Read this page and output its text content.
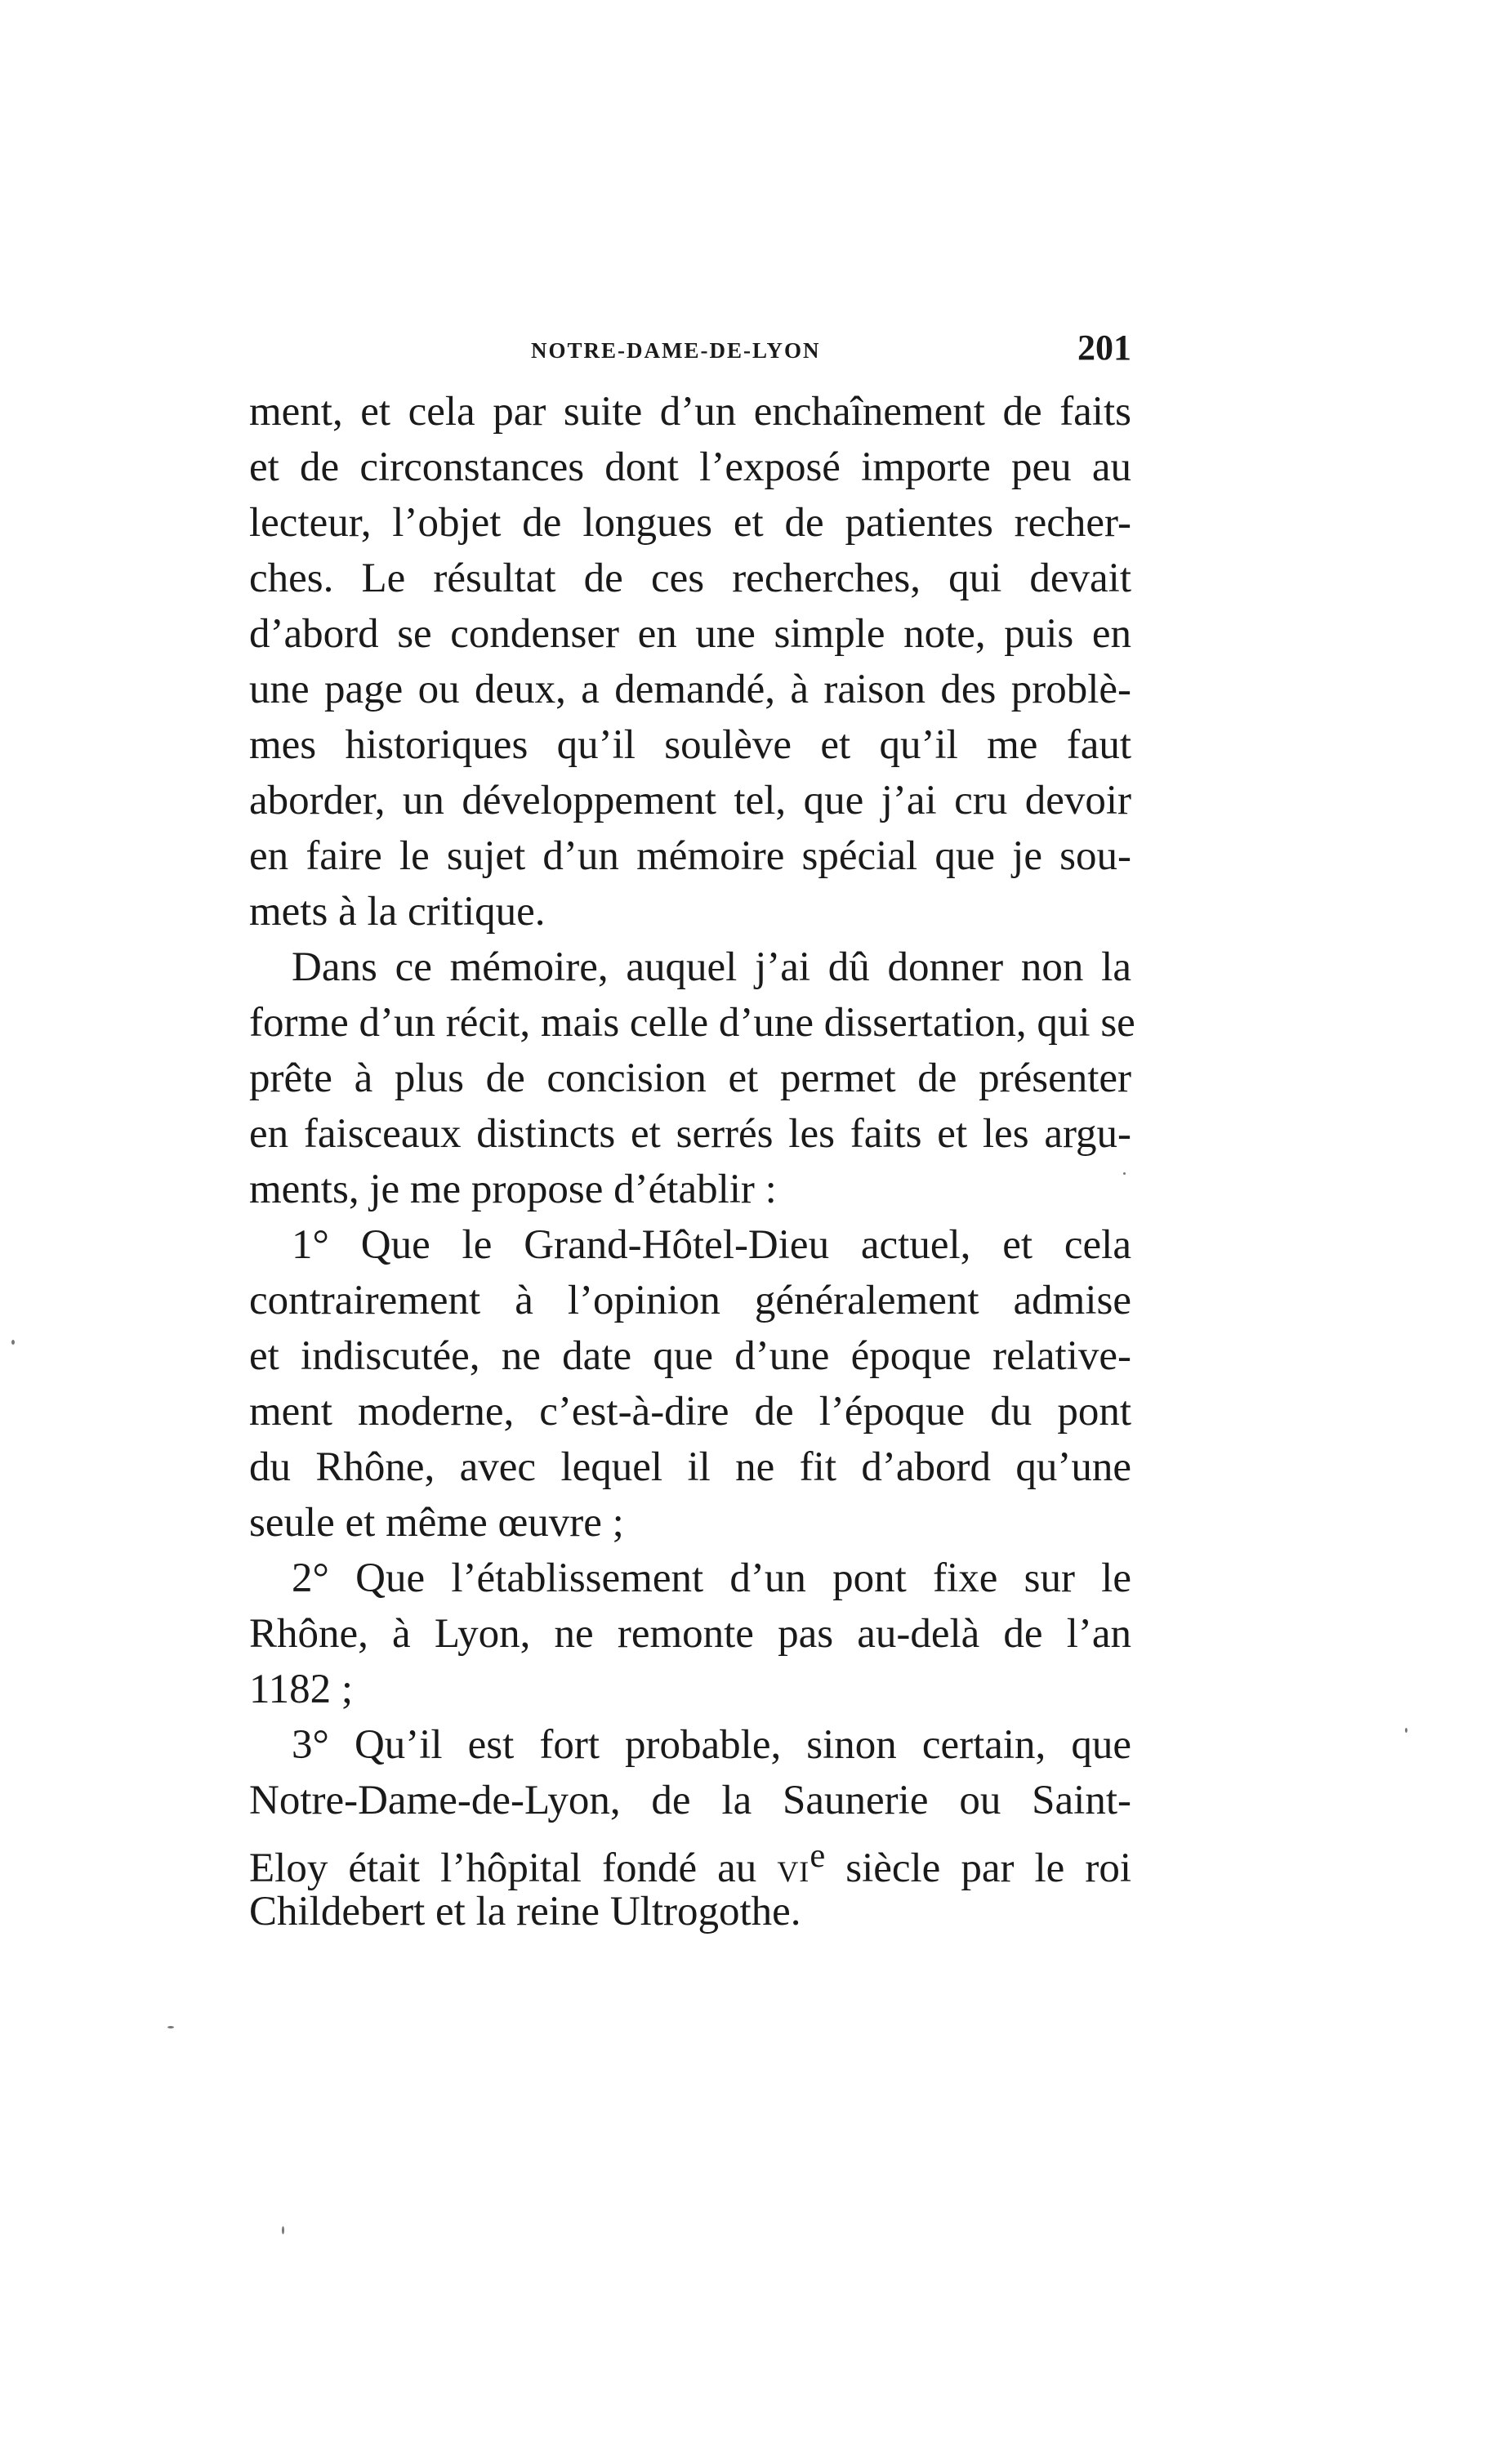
NOTRE-DAME-DE-LYON	201
ment, et cela par suite d’un enchaînement de faits
et de circonstances dont l’exposé importe peu au
lecteur, l’objet de longues et de patientes recher-
ches. Le résultat de ces recherches, qui devait
d’abord se condenser en une simple note, puis en
une page ou deux, a demandé, à raison des problè-
mes historiques qu’il soulève et qu’il me faut
aborder, un développement tel, que j’ai cru devoir
en faire le sujet d’un mémoire spécial que je sou-
mets à la critique.
Dans ce mémoire, auquel j’ai dû donner non la
forme d’un récit, mais celle d’une dissertation, qui se
prête à plus de concision et permet de présenter
en faisceaux distincts et serrés les faits et les argu-
ments, je me propose d’établir :
1° Que le Grand-Hôtel-Dieu actuel, et cela
contrairement à l’opinion généralement admise
et indiscutée, ne date que d’une époque relative-
ment moderne, c’est-à-dire de l’époque du pont
du Rhône, avec lequel il ne fit d’abord qu’une
seule et même œuvre ;
2° Que l’établissement d’un pont fixe sur le
Rhône, à Lyon, ne remonte pas au-delà de l’an
1182 ;
3° Qu’il est fort probable, sinon certain, que
Notre-Dame-de-Lyon, de la Saunerie ou Saint-
Eloy était l’hôpital fondé au VIe siècle par le roi
Childebert et la reine Ultrogothe.
